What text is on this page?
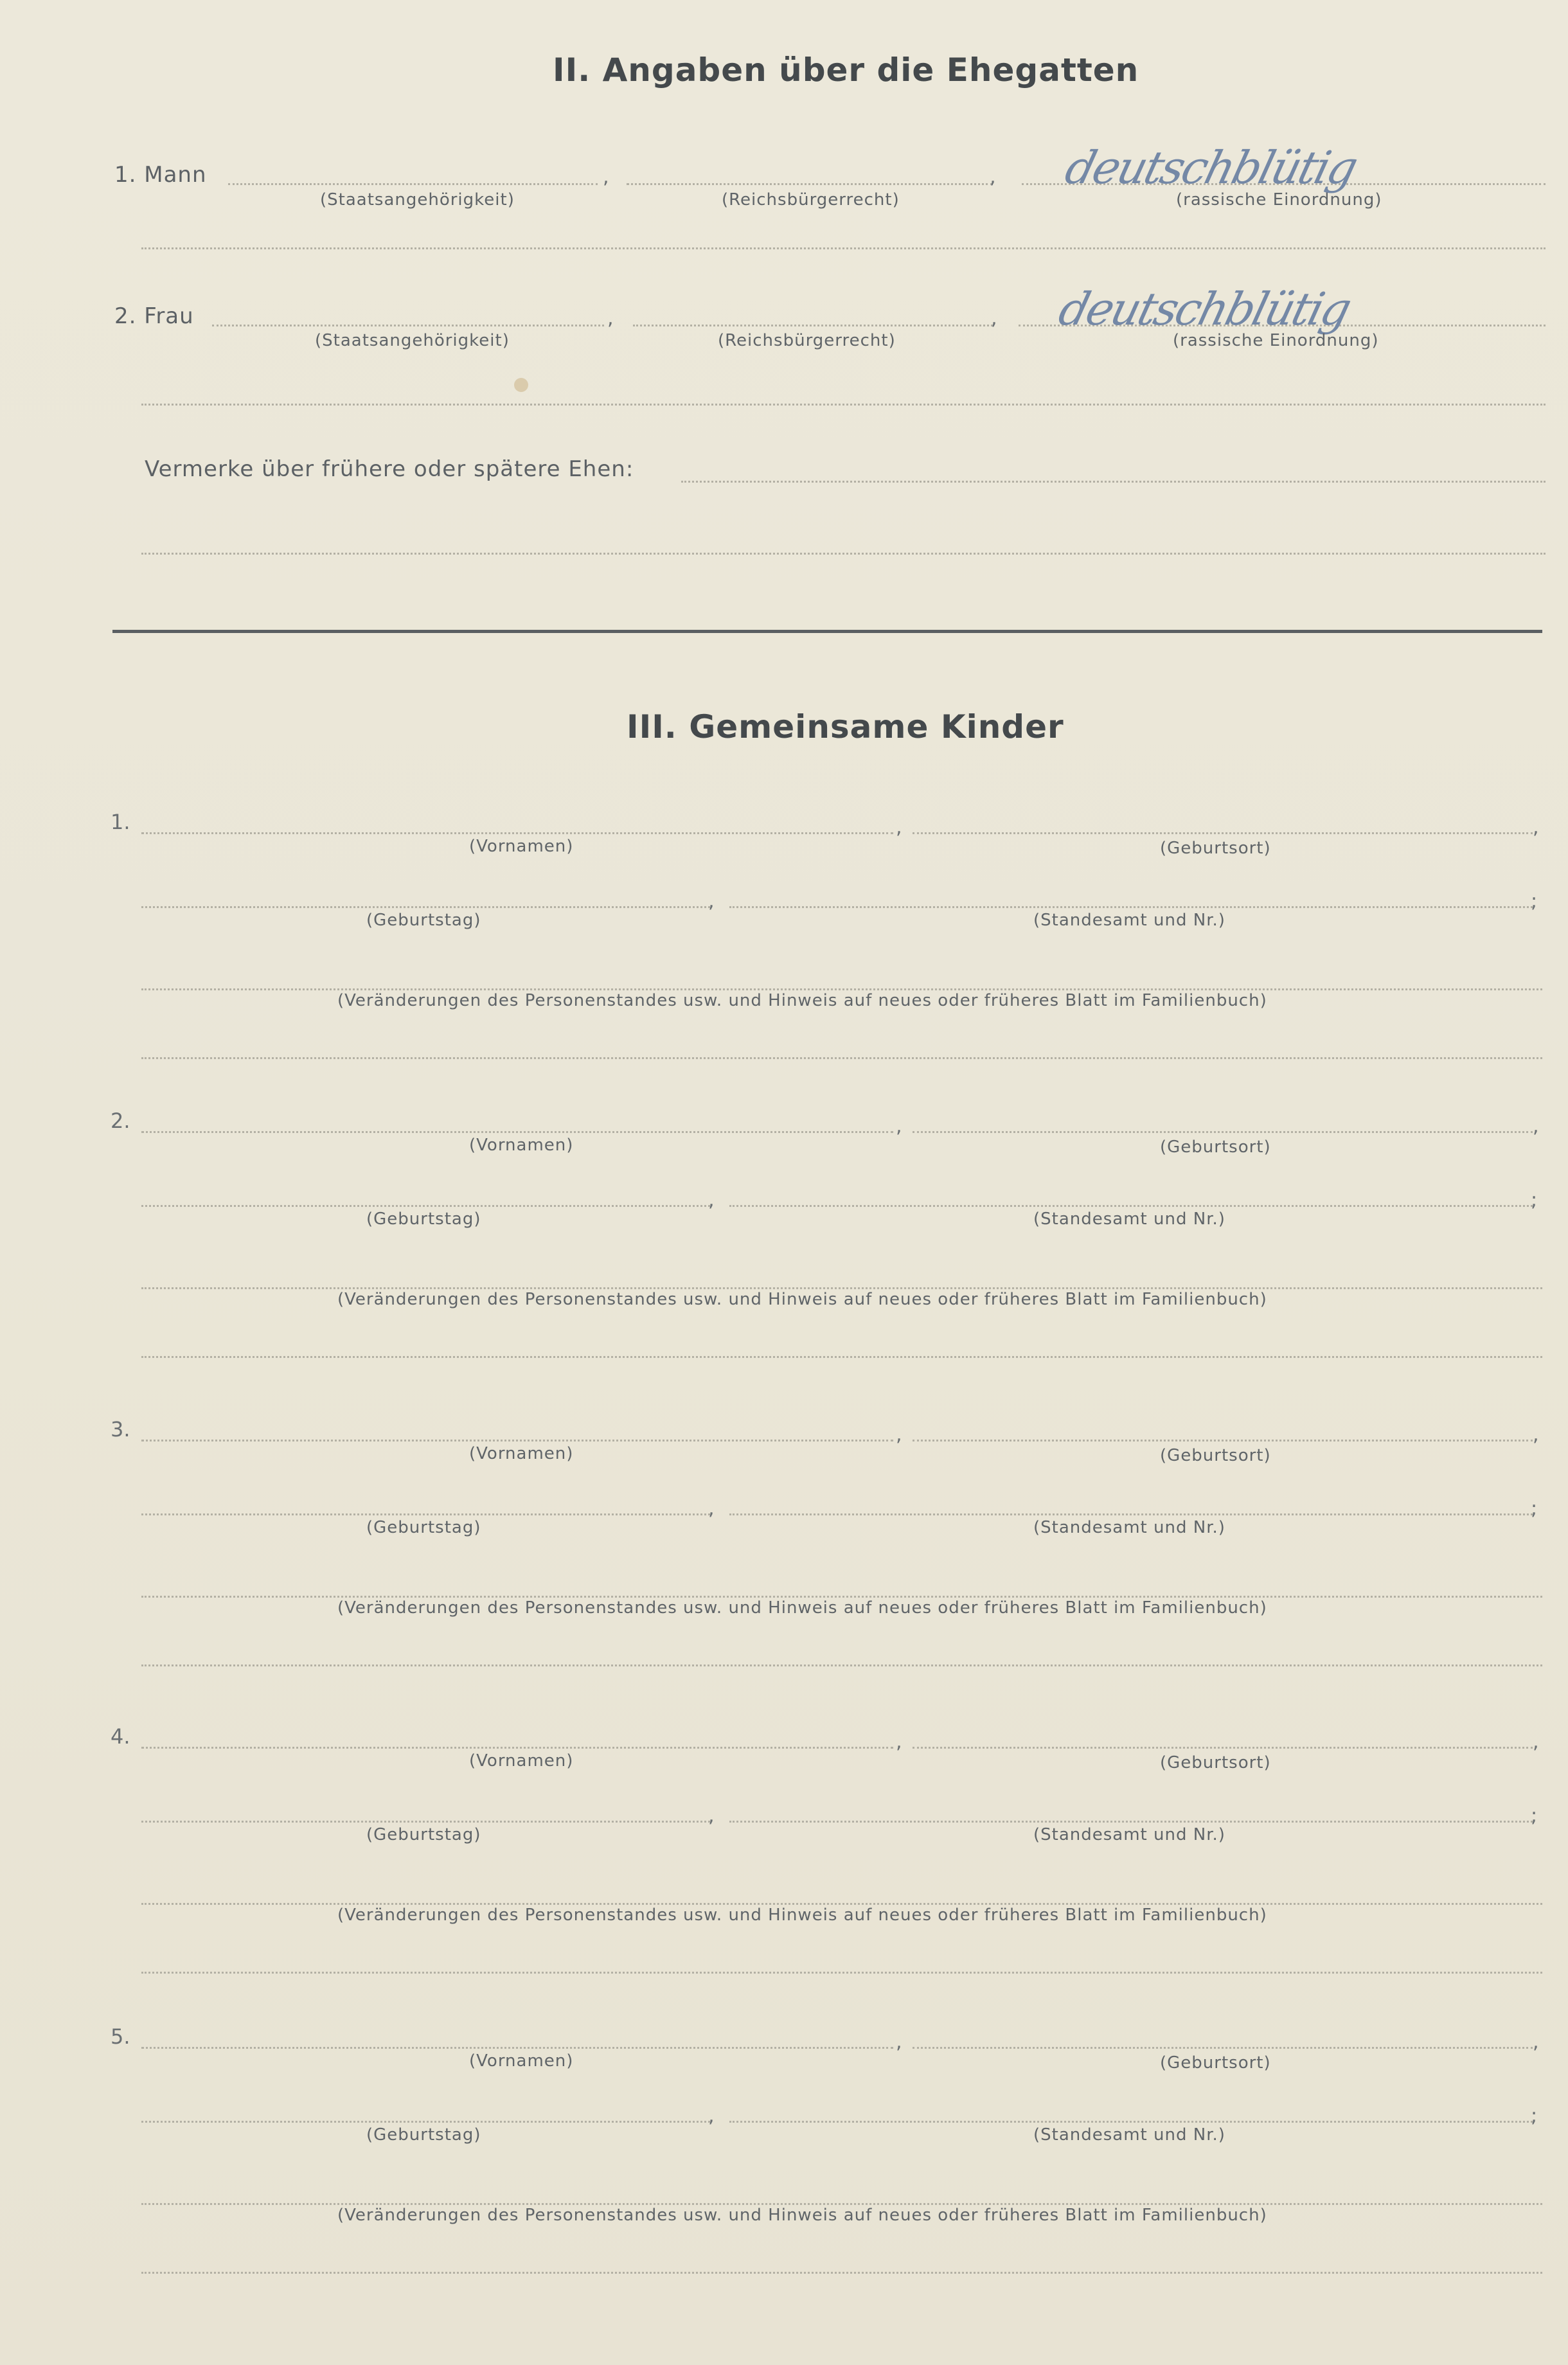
II. Angaben über die Ehegatten
1. Mann	,	, deutschblütig
(Staatsangehörigkeit)	(Reichsbürgerrecht)	(rassische Einordnung)
2. Frau	,	, deutschblütig
(Staatsangehörigkeit)	(Reichsbürgerrecht)	(rassische Einordnung)
Vermerke über frühere oder spätere Ehen:
III. Gemeinsame Kinder
1.	,	,
(Vornamen)	(Geburtsort)
,	;
(Geburtstag)	(Standesamt und Nr.)
(Veränderungen des Personenstandes usw. und Hinweis auf neues oder früheres Blatt im Familienbuch)
2.	,	,
(Vornamen)	(Geburtsort)
,	;
(Geburtstag)	(Standesamt und Nr.)
(Veränderungen des Personenstandes usw. und Hinweis auf neues oder früheres Blatt im Familienbuch)
3.	,	,
(Vornamen)	(Geburtsort)
,	;
(Geburtstag)	(Standesamt und Nr.)
(Veränderungen des Personenstandes usw. und Hinweis auf neues oder früheres Blatt im Familienbuch)
4.	,	,
(Vornamen)	(Geburtsort)
,	;
(Geburtstag)	(Standesamt und Nr.)
(Veränderungen des Personenstandes usw. und Hinweis auf neues oder früheres Blatt im Familienbuch)
5.	,	,
(Vornamen)	(Geburtsort)
,	;
(Geburtstag)	(Standesamt und Nr.)
(Veränderungen des Personenstandes usw. und Hinweis auf neues oder früheres Blatt im Familienbuch)
